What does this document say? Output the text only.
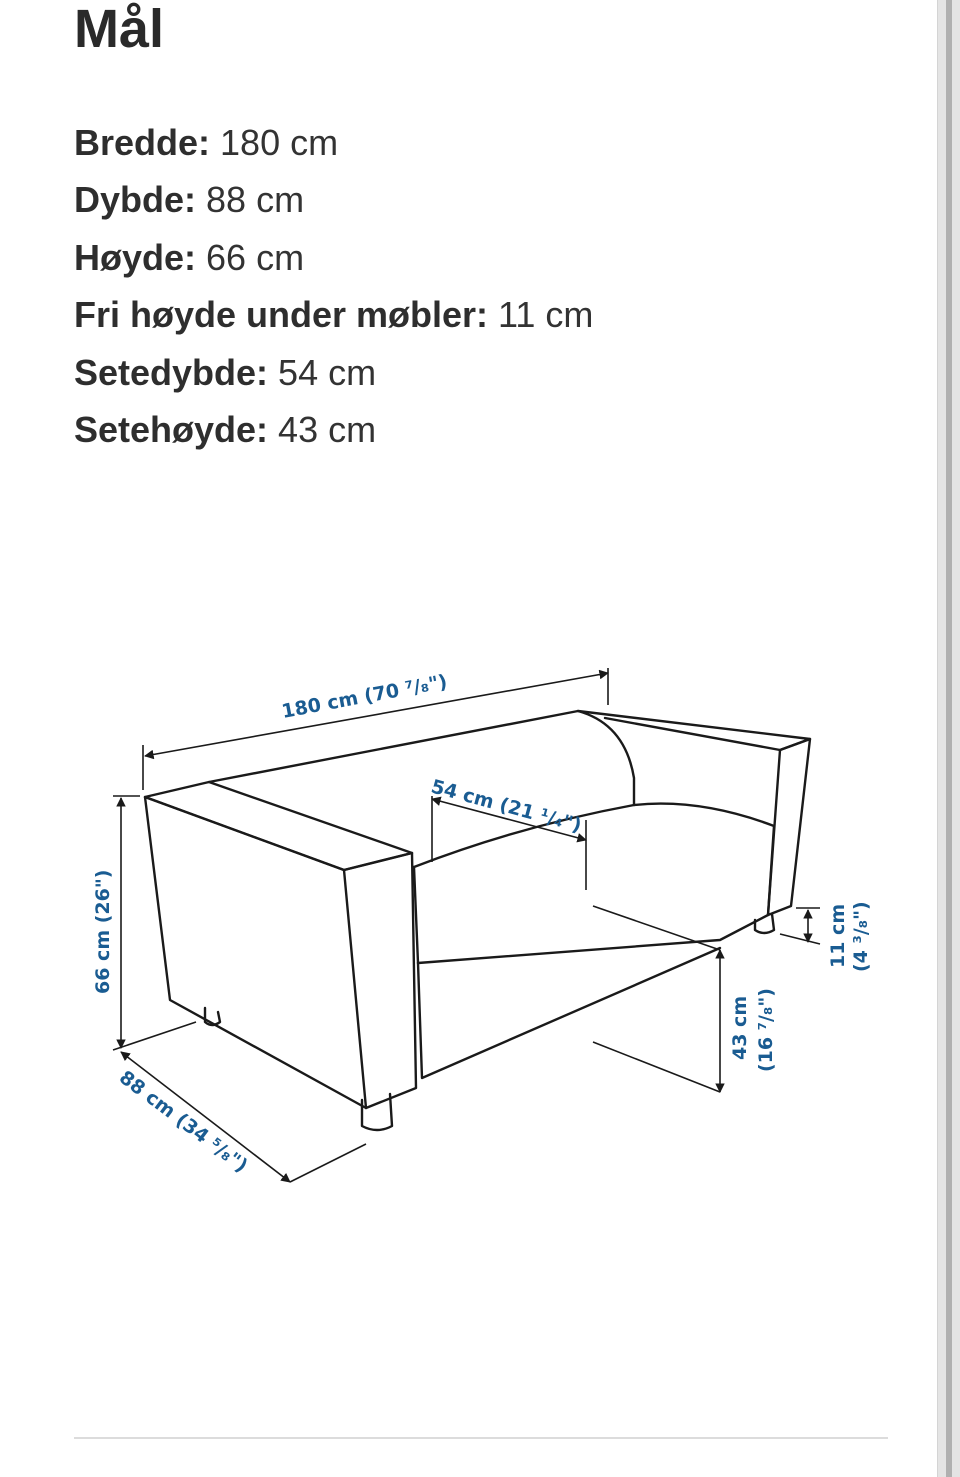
Mål
Bredde: 180 cm
Dybde: 88 cm
Høyde: 66 cm
Fri høyde under møbler: 11 cm
Setedybde: 54 cm
Setehøyde: 43 cm
180 cm (70 ⁷/₈")
54 cm (21 ¹/₄")
66 cm (26")
88 cm (34 ⁵/₈")
43 cm (16 ⁷/₈")
11 cm (4 ³/₈")
